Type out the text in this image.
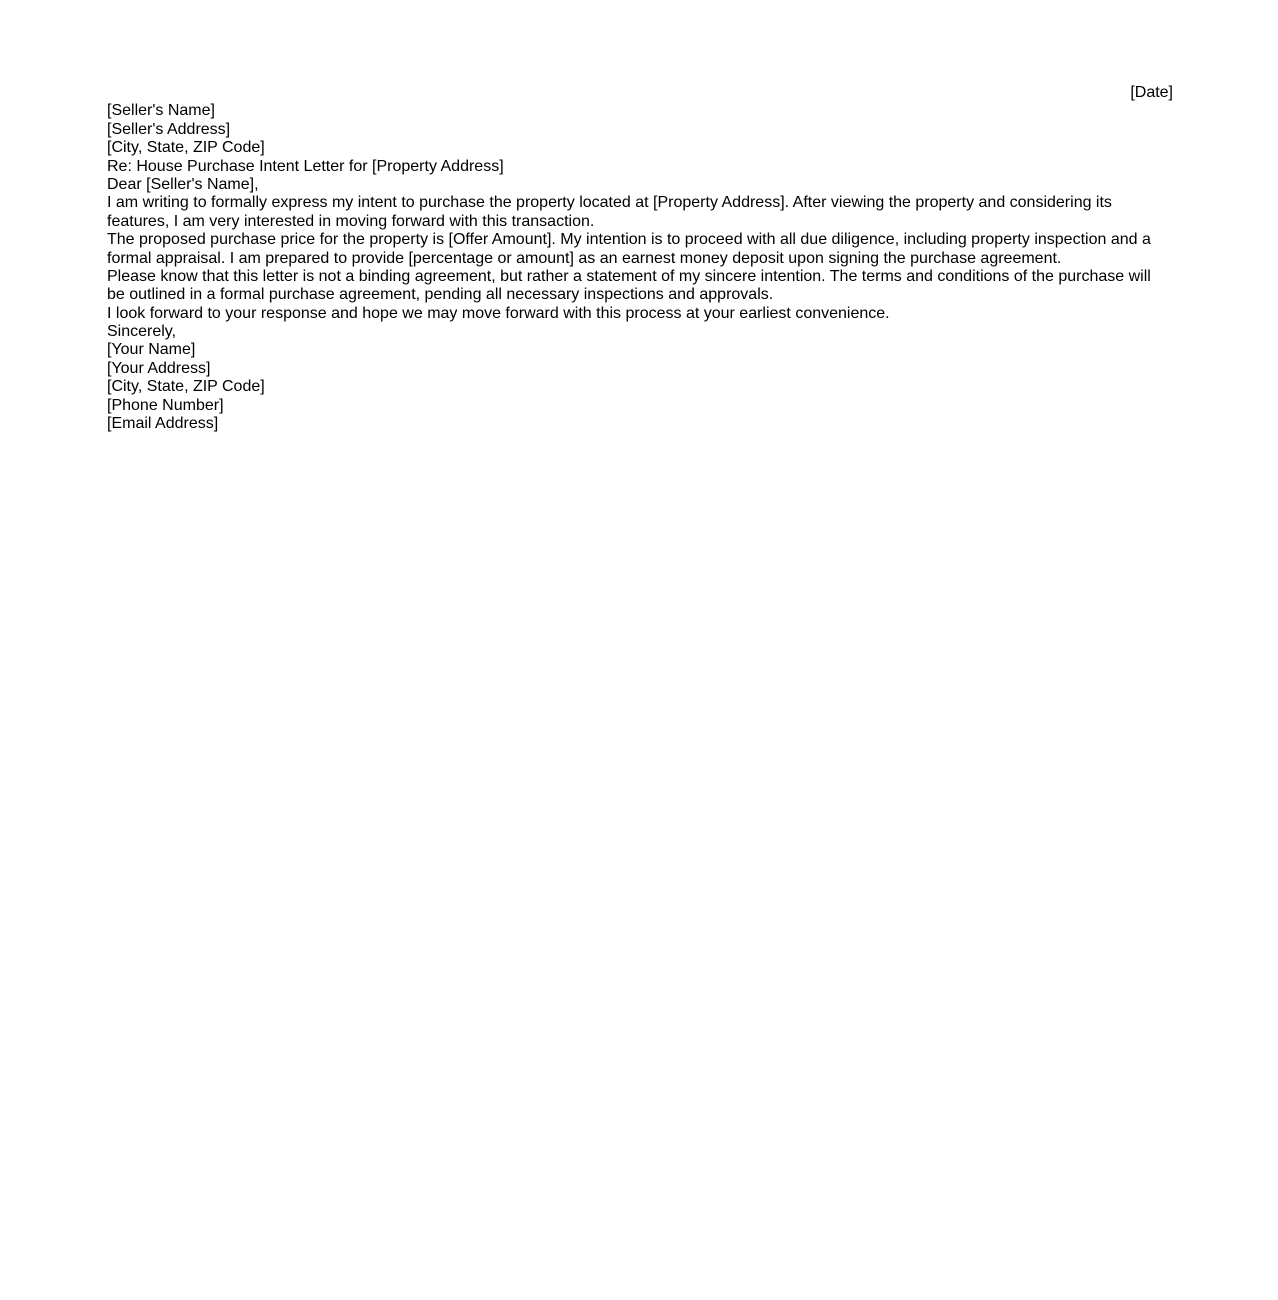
[Date]

[Seller's Name]
[Seller's Address]
[City, State, ZIP Code]

Re: House Purchase Intent Letter for [Property Address]

Dear [Seller's Name],

I am writing to formally express my intent to purchase the property located at [Property Address]. After viewing the property and considering its features, I am very interested in moving forward with this transaction.

The proposed purchase price for the property is [Offer Amount]. My intention is to proceed with all due diligence, including property inspection and a formal appraisal. I am prepared to provide [percentage or amount] as an earnest money deposit upon signing the purchase agreement.

Please know that this letter is not a binding agreement, but rather a statement of my sincere intention. The terms and conditions of the purchase will be outlined in a formal purchase agreement, pending all necessary inspections and approvals.

I look forward to your response and hope we may move forward with this process at your earliest convenience.

Sincerely,

[Your Name]
[Your Address]
[City, State, ZIP Code]
[Phone Number]
[Email Address]
